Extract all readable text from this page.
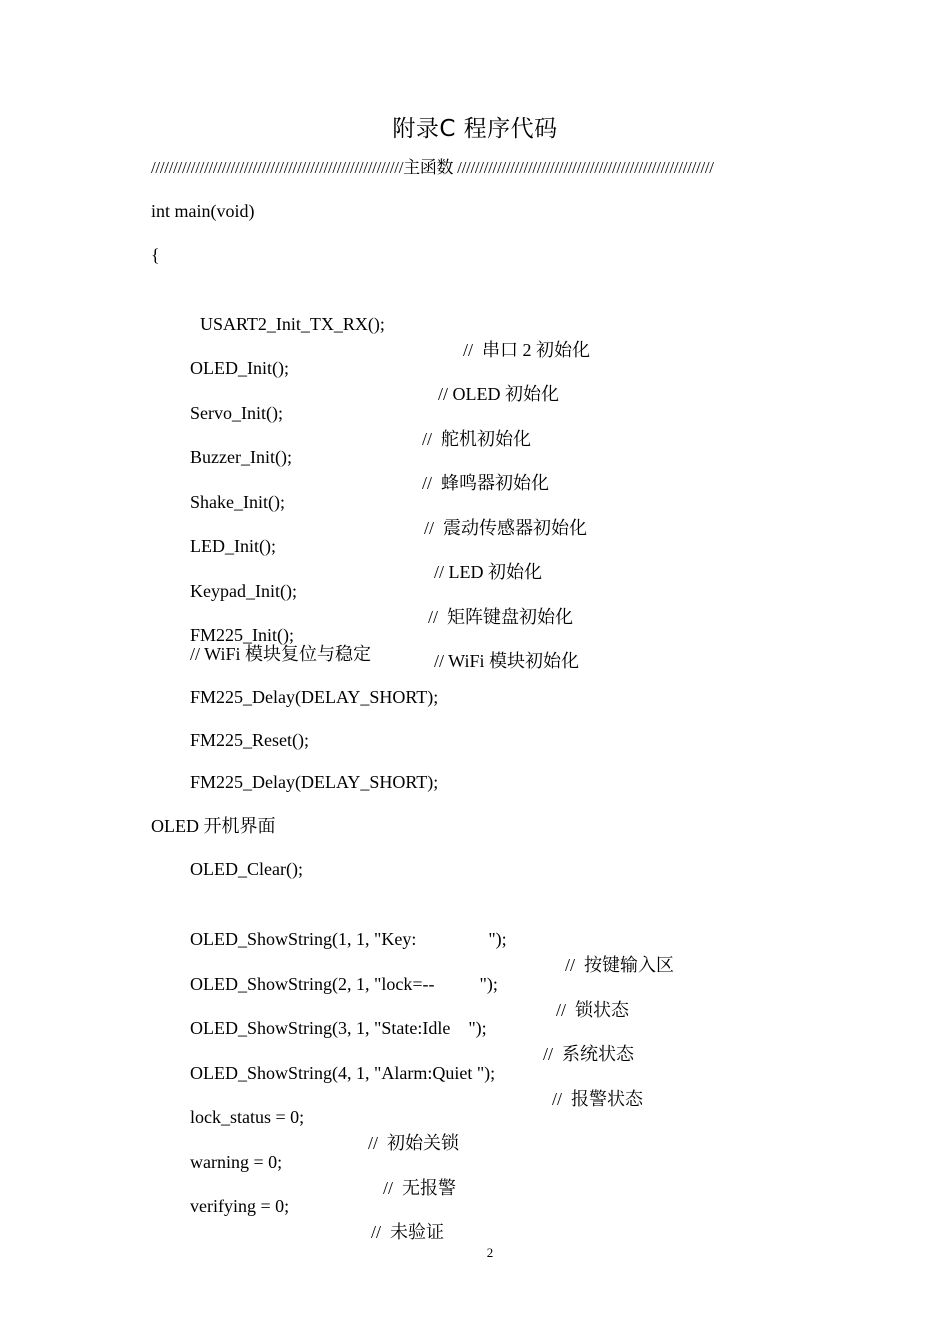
附录C 程序代码
/////////////////////////////////////////////////////////主函数 //////////////////////////////////////////////////////////
int main(void)
{

USART2_Init_TX_RX();

//  串口 2 初始化

OLED_Init();

// OLED 初始化

Servo_Init();

//  舵机初始化

Buzzer_Init();

//  蜂鸣器初始化

Shake_Init();

//  震动传感器初始化

LED_Init();

// LED 初始化

Keypad_Init();

//  矩阵键盘初始化

FM225_Init();

// WiFi 模块初始化

// WiFi 模块复位与稳定
FM225_Delay(DELAY_SHORT);
FM225_Reset();
FM225_Delay(DELAY_SHORT);
OLED 开机界面
OLED_Clear();

OLED_ShowString(1, 1, "Key:                ");

//  按键输入区

OLED_ShowString(2, 1, "lock=--          ");

//  锁状态

OLED_ShowString(3, 1, "State:Idle    ");

//  系统状态

OLED_ShowString(4, 1, "Alarm:Quiet ");

//  报警状态

lock_status = 0;

//  初始关锁

warning = 0;

//  无报警

verifying = 0;

//  未验证

2
